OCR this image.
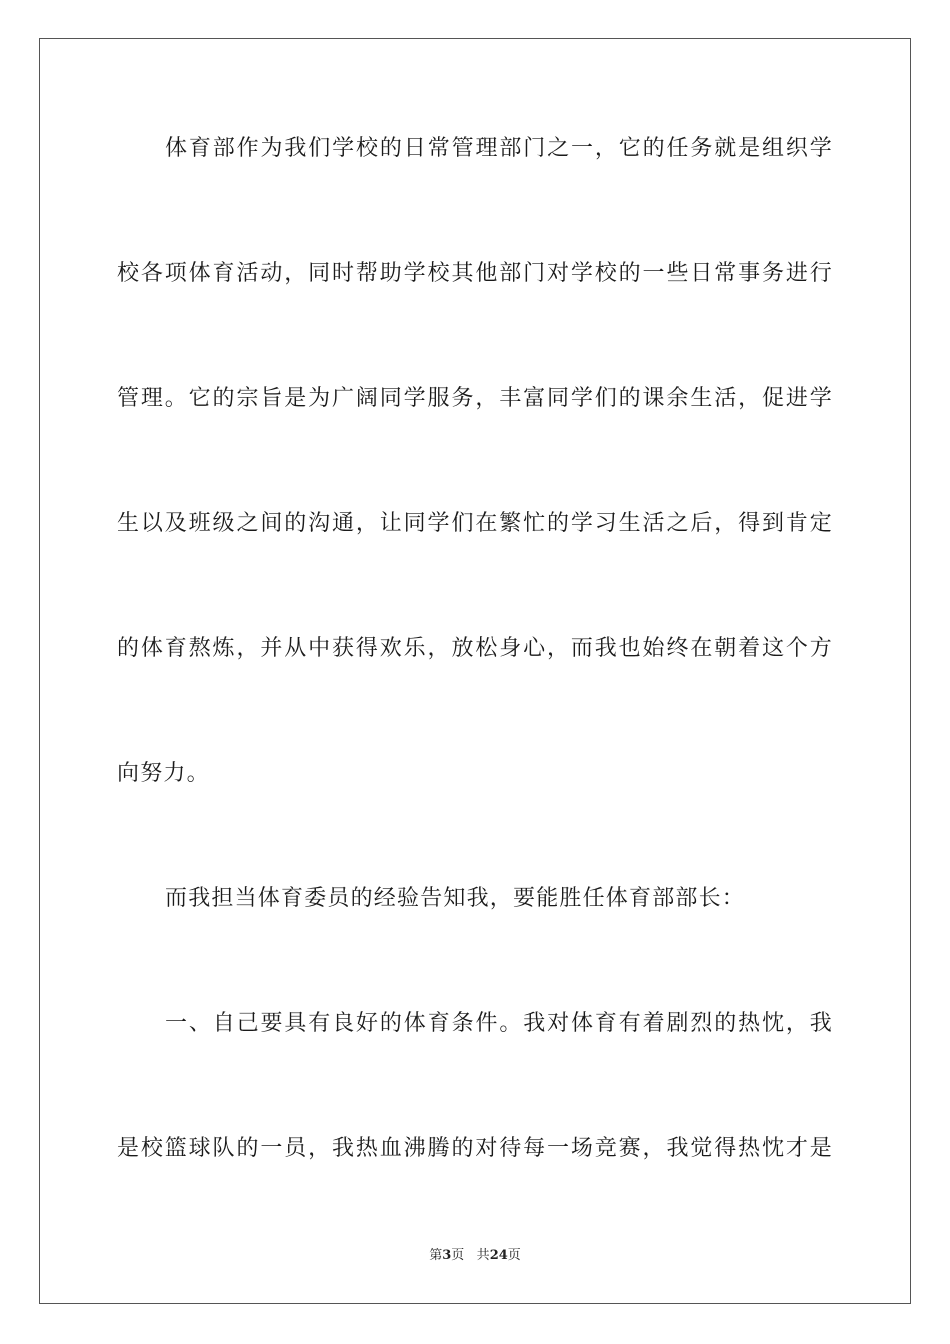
体育部作为我们学校的日常管理部门之一，它的任务就是组织学
校各项体育活动，同时帮助学校其他部门对学校的一些日常事务进行
管理。它的宗旨是为广阔同学服务，丰富同学们的课余生活，促进学
生以及班级之间的沟通，让同学们在繁忙的学习生活之后，得到肯定
的体育熬炼，并从中获得欢乐，放松身心，而我也始终在朝着这个方
向努力。
而我担当体育委员的经验告知我，要能胜任体育部部长：
一、自己要具有良好的体育条件。我对体育有着剧烈的热忱，我
是校篮球队的一员，我热血沸腾的对待每一场竞赛，我觉得热忱才是
第3页 共24页
